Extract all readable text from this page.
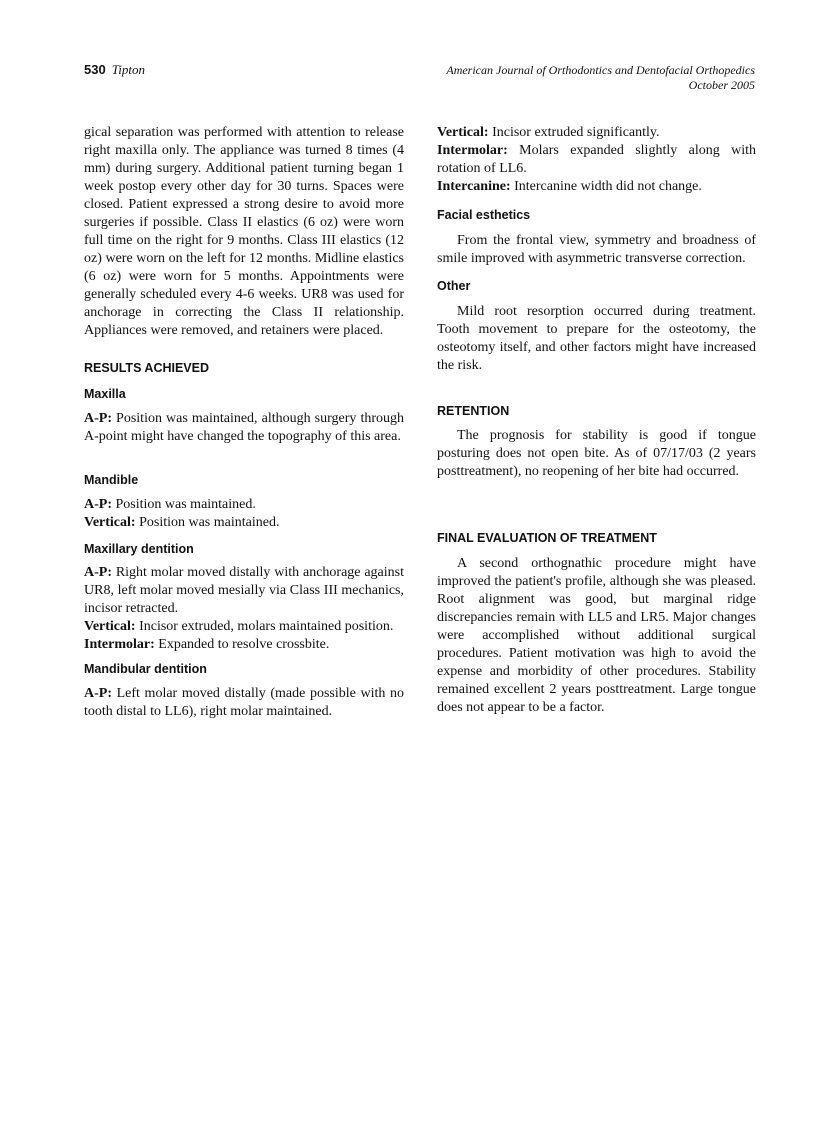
530 Tipton	American Journal of Orthodontics and Dentofacial Orthopedics
October 2005
gical separation was performed with attention to release right maxilla only. The appliance was turned 8 times (4 mm) during surgery. Additional patient turning began 1 week postop every other day for 30 turns. Spaces were closed. Patient expressed a strong desire to avoid more surgeries if possible. Class II elastics (6 oz) were worn full time on the right for 9 months. Class III elastics (12 oz) were worn on the left for 12 months. Midline elastics (6 oz) were worn for 5 months. Appointments were generally scheduled every 4-6 weeks. UR8 was used for anchorage in correcting the Class II relationship. Appliances were removed, and retainers were placed.
RESULTS ACHIEVED
Maxilla
A-P: Position was maintained, although surgery through A-point might have changed the topography of this area.
Mandible
A-P: Position was maintained.
Vertical: Position was maintained.
Maxillary dentition
A-P: Right molar moved distally with anchorage against UR8, left molar moved mesially via Class III mechanics, incisor retracted.
Vertical: Incisor extruded, molars maintained position.
Intermolar: Expanded to resolve crossbite.
Mandibular dentition
A-P: Left molar moved distally (made possible with no tooth distal to LL6), right molar maintained.
Vertical: Incisor extruded significantly.
Intermolar: Molars expanded slightly along with rotation of LL6.
Intercanine: Intercanine width did not change.
Facial esthetics
From the frontal view, symmetry and broadness of smile improved with asymmetric transverse correction.
Other
Mild root resorption occurred during treatment. Tooth movement to prepare for the osteotomy, the osteotomy itself, and other factors might have increased the risk.
RETENTION
The prognosis for stability is good if tongue posturing does not open bite. As of 07/17/03 (2 years posttreatment), no reopening of her bite had occurred.
FINAL EVALUATION OF TREATMENT
A second orthognathic procedure might have improved the patient's profile, although she was pleased. Root alignment was good, but marginal ridge discrepancies remain with LL5 and LR5. Major changes were accomplished without additional surgical procedures. Patient motivation was high to avoid the expense and morbidity of other procedures. Stability remained excellent 2 years posttreatment. Large tongue does not appear to be a factor.
